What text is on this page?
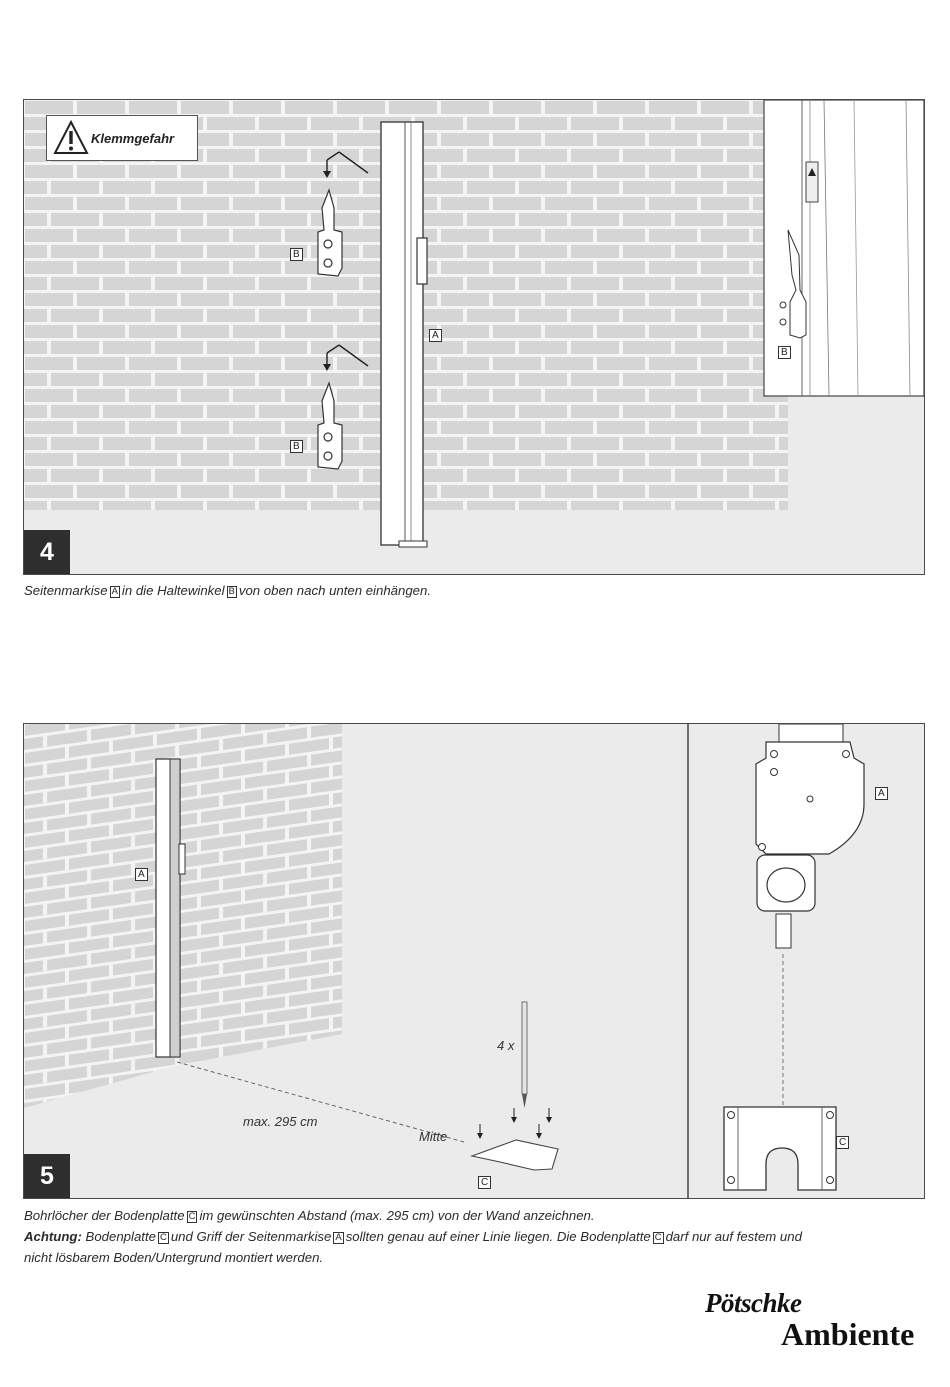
Klemmgefahr
B
B
A
B
4
Seitenmarkise A in die Haltewinkel B von oben nach unten einhängen.
A
A
C
C
4 x
max. 295 cm
Mitte
5
Bohrlöcher der Bodenplatte C im gewünschten Abstand (max. 295 cm) von der Wand anzeichnen.
Achtung: Bodenplatte C und Griff der Seitenmarkise A sollten genau auf einer Linie liegen. Die Bodenplatte C darf nur auf festem und
nicht lösbarem Boden/Untergrund montiert werden.
Pötschke
Ambiente
